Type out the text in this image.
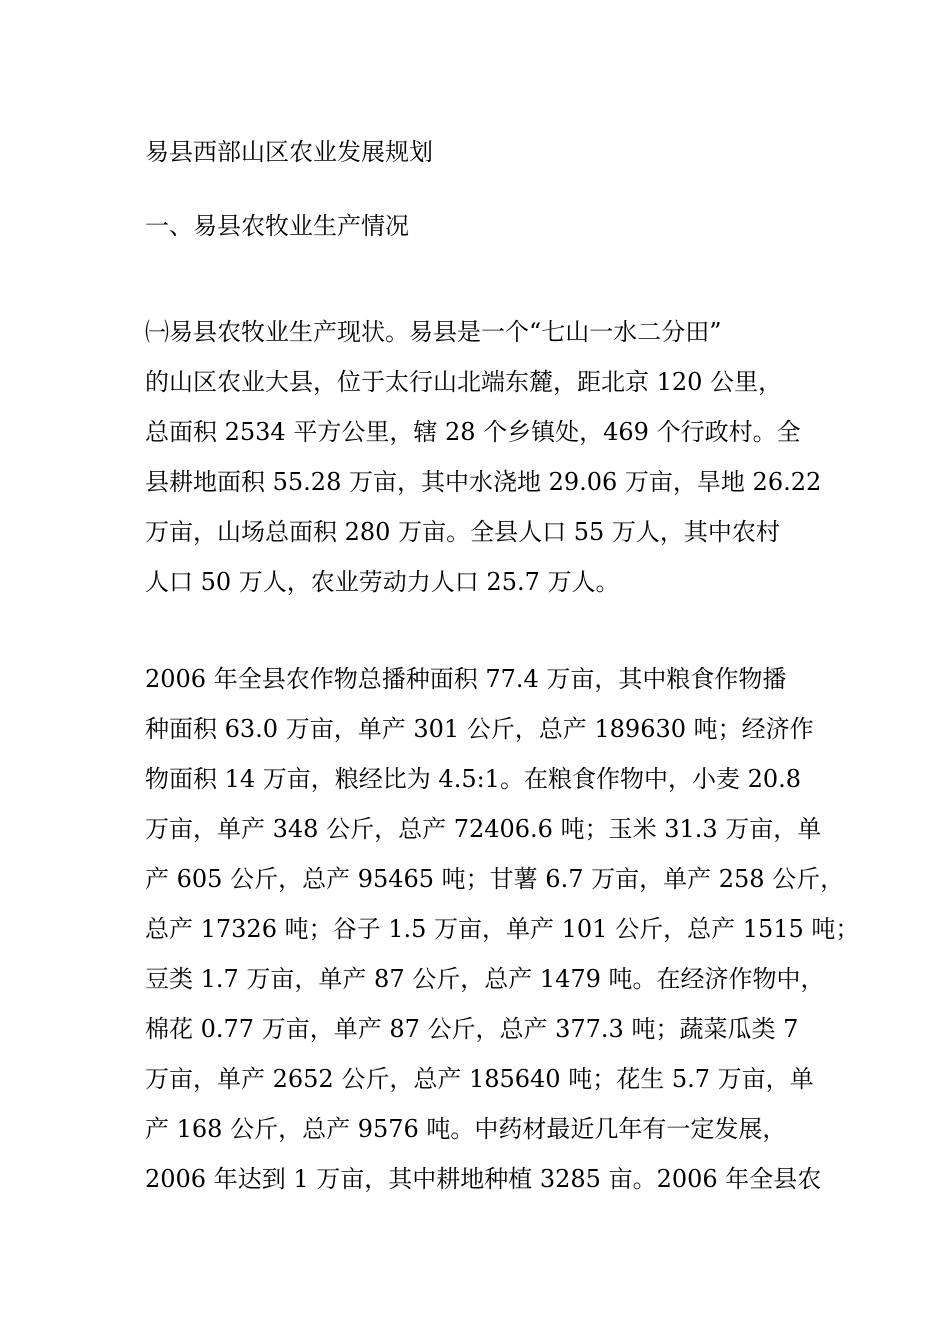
易县西部山区农业发展规划
一、易县农牧业生产情况

㈠易县农牧业生产现状。易县是一个“七山一水二分田”
的山区农业大县，位于太行山北端东麓，距北京 120 公里，
总面积 2534 平方公里，辖 28 个乡镇处，469 个行政村。全
县耕地面积 55.28 万亩，其中水浇地 29.06 万亩，旱地 26.22
万亩，山场总面积 280 万亩。全县人口 55 万人，其中农村
人口 50 万人，农业劳动力人口 25.7 万人。

2006 年全县农作物总播种面积 77.4 万亩，其中粮食作物播
种面积 63.0 万亩，单产 301 公斤，总产 189630 吨；经济作
物面积 14 万亩，粮经比为 4.5:1。在粮食作物中，小麦 20.8
万亩，单产 348 公斤，总产 72406.6 吨；玉米 31.3 万亩，单
产 605 公斤，总产 95465 吨；甘薯 6.7 万亩，单产 258 公斤，
总产 17326 吨；谷子 1.5 万亩，单产 101 公斤，总产 1515 吨；
豆类 1.7 万亩，单产 87 公斤，总产 1479 吨。在经济作物中，
棉花 0.77 万亩，单产 87 公斤，总产 377.3 吨；蔬菜瓜类 7
万亩，单产 2652 公斤，总产 185640 吨；花生 5.7 万亩，单
产 168 公斤，总产 9576 吨。中药材最近几年有一定发展，
2006 年达到 1 万亩，其中耕地种植 3285 亩。2006 年全县农
